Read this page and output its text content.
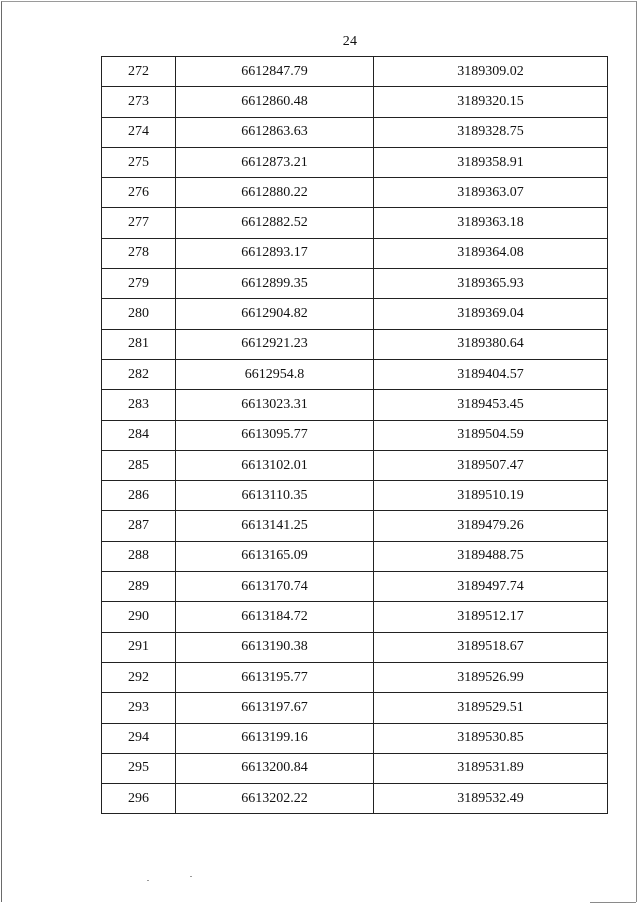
24
272	6612847.79	3189309.02
273	6612860.48	3189320.15
274	6612863.63	3189328.75
275	6612873.21	3189358.91
276	6612880.22	3189363.07
277	6612882.52	3189363.18
278	6612893.17	3189364.08
279	6612899.35	3189365.93
280	6612904.82	3189369.04
281	6612921.23	3189380.64
282	6612954.8	3189404.57
283	6613023.31	3189453.45
284	6613095.77	3189504.59
285	6613102.01	3189507.47
286	6613110.35	3189510.19
287	6613141.25	3189479.26
288	6613165.09	3189488.75
289	6613170.74	3189497.74
290	6613184.72	3189512.17
291	6613190.38	3189518.67
292	6613195.77	3189526.99
293	6613197.67	3189529.51
294	6613199.16	3189530.85
295	6613200.84	3189531.89
296	6613202.22	3189532.49
